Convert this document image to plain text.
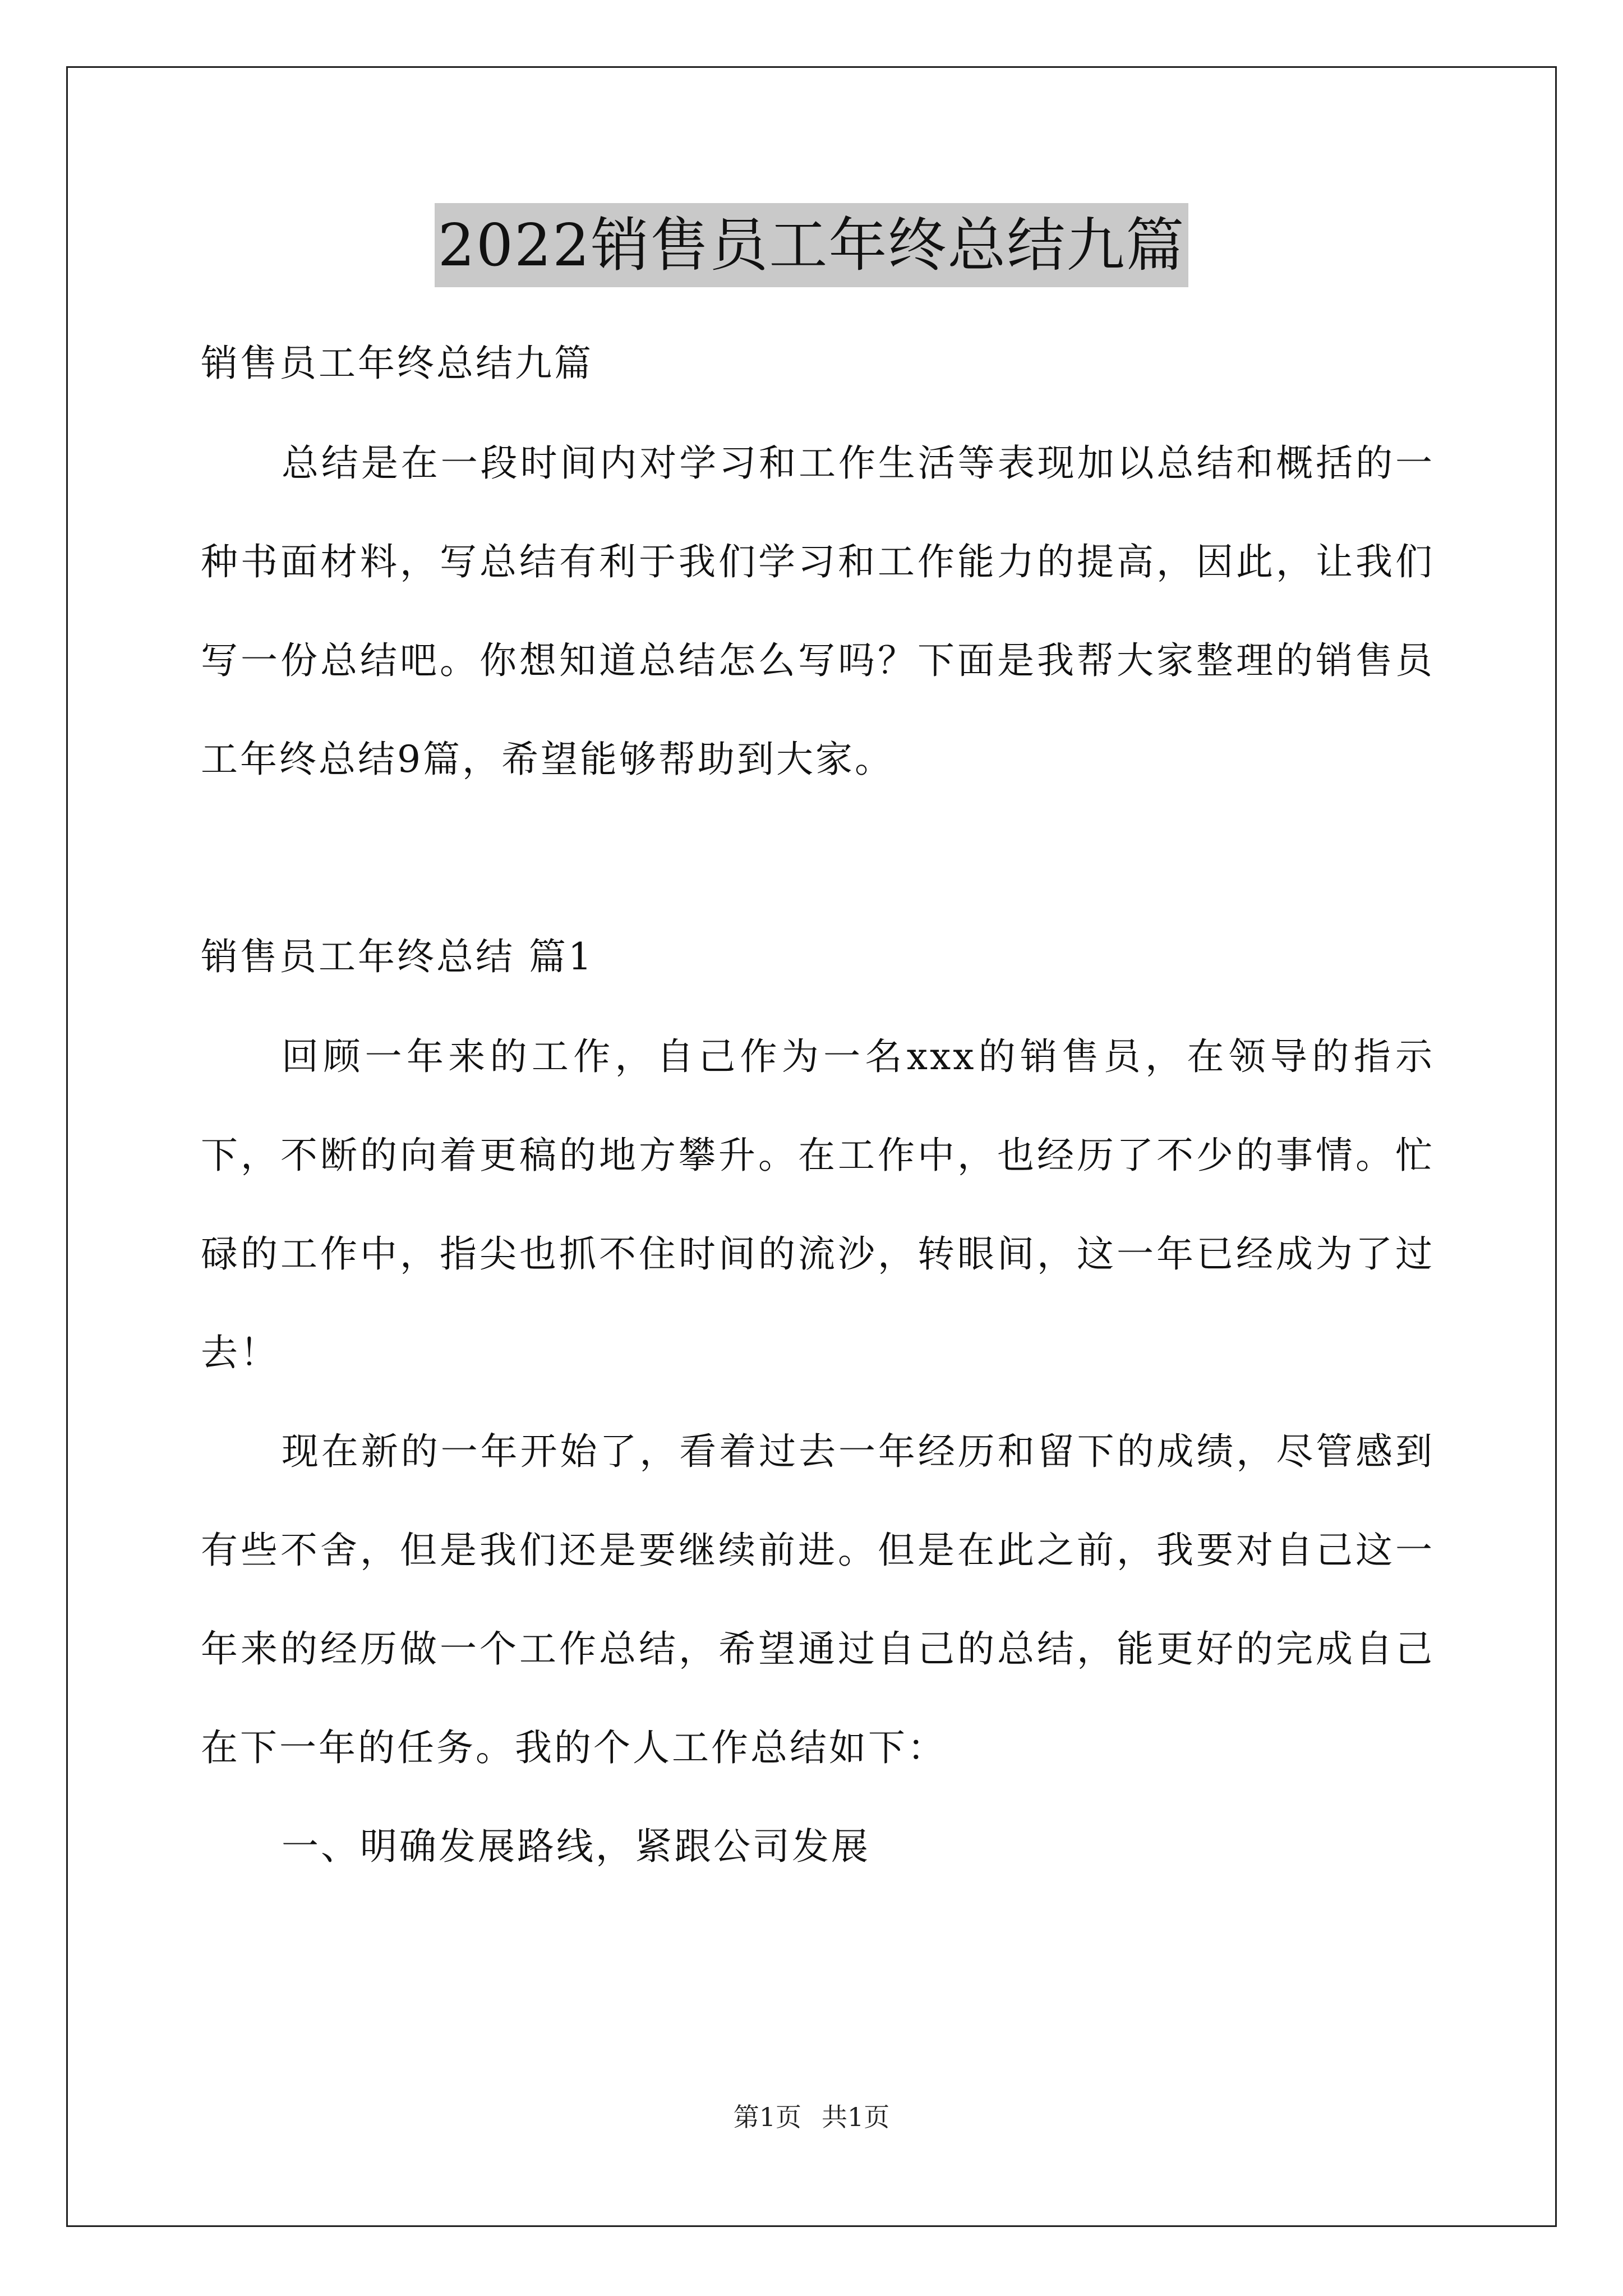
2022销售员工年终总结九篇

销售员工年终总结九篇

总结是在一段时间内对学习和工作生活等表现加以总结和概括的一种书面材料，写总结有利于我们学习和工作能力的提高，因此，让我们写一份总结吧。你想知道总结怎么写吗？下面是我帮大家整理的销售员工年终总结9篇，希望能够帮助到大家。

销售员工年终总结 篇1

回顾一年来的工作，自己作为一名xxx的销售员，在领导的指示下，不断的向着更稿的地方攀升。在工作中，也经历了不少的事情。忙碌的工作中，指尖也抓不住时间的流沙，转眼间，这一年已经成为了过去！

现在新的一年开始了，看着过去一年经历和留下的成绩，尽管感到有些不舍，但是我们还是要继续前进。但是在此之前，我要对自己这一年来的经历做一个工作总结，希望通过自己的总结，能更好的完成自己在下一年的任务。我的个人工作总结如下：

一、明确发展路线，紧跟公司发展

第1页 共1页
